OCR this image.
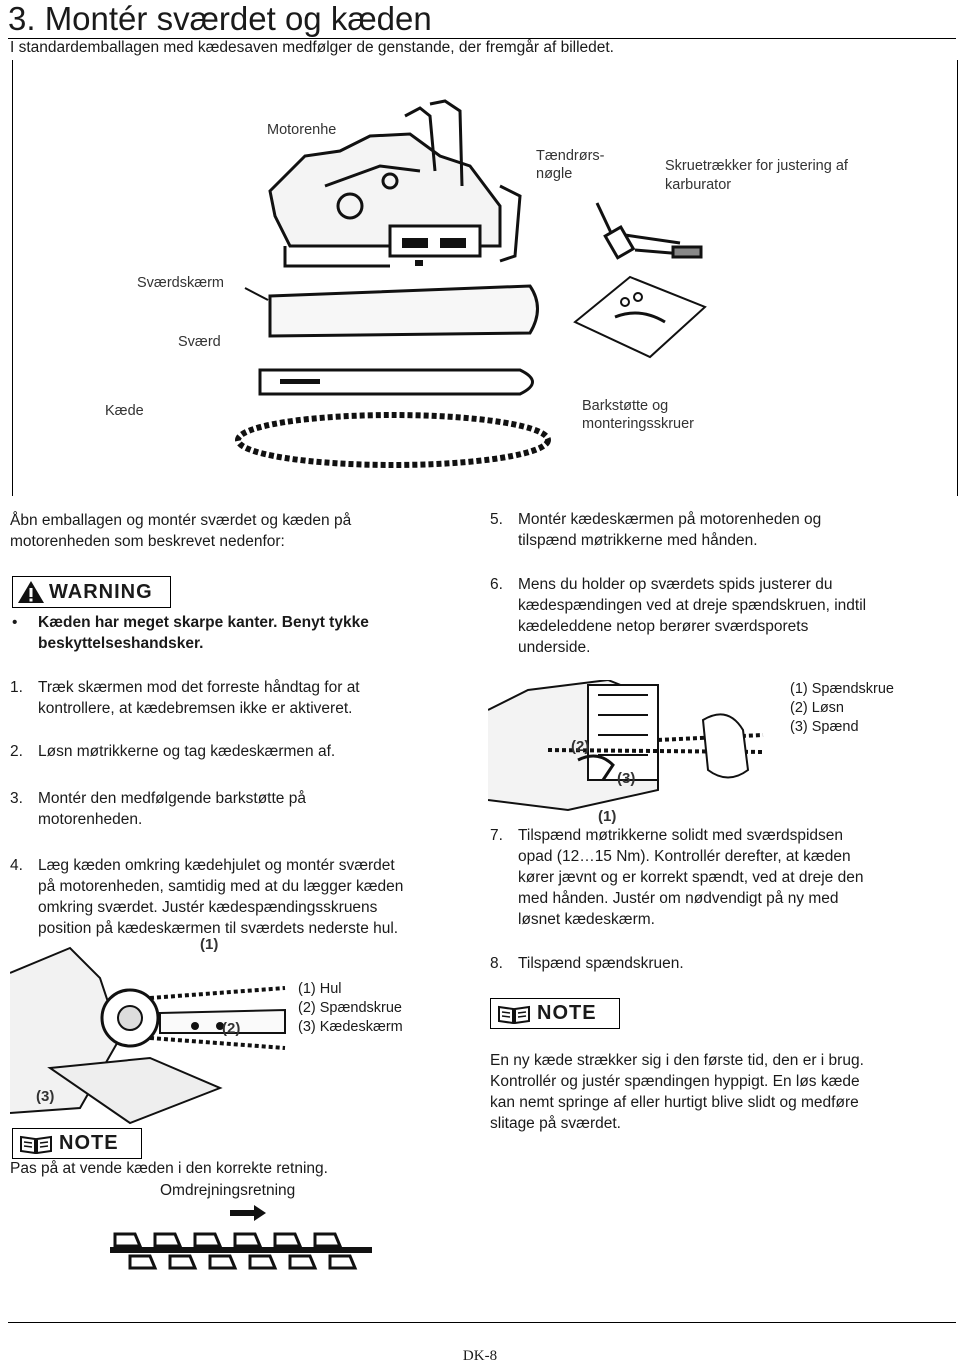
3. Montér sværdet og kæden
I standardemballagen med kædesaven medfølger de genstande, der fremgår af billedet.
Motorenhe
Tændrørs-
nøgle	Skruetrækker for justering af
karburator
Sværdskærm
Sværd
Kæde	Barkstøtte og
monteringsskruer
Åbn emballagen og montér sværdet og kæden på
motorenheden som beskrevet nedenfor:
WARNING
• Kæden har meget skarpe kanter. Benyt tykke
beskyttelseshandsker.
1. Træk skærmen mod det forreste håndtag for at
kontrollere, at kædebremsen ikke er aktiveret.
2. Løsn møtrikkerne og tag kædeskærmen af.
3. Montér den medfølgende barkstøtte på
motorenheden.
4. Læg kæden omkring kædehjulet og montér sværdet
på motorenheden, samtidig med at du lægger kæden
omkring sværdet. Justér kædespændingsskruens
position på kædeskærmen til sværdets nederste hul.
(1)
(2)
(3)
(1) Hul
(2) Spændskrue
(3) Kædeskærm
NOTE
Pas på at vende kæden i den korrekte retning.
Omdrejningsretning
5. Montér kædeskærmen på motorenheden og
tilspænd møtrikkerne med hånden.
6. Mens du holder op sværdets spids justerer du
kædespændingen ved at dreje spændskruen, indtil
kædeleddene netop berører sværdsporets
underside.
(2)
(3)
(1)
(1) Spændskrue
(2) Løsn
(3) Spænd
7. Tilspænd møtrikkerne solidt med sværdspidsen
opad (12…15 Nm). Kontrollér derefter, at kæden
kører jævnt og er korrekt spændt, ved at dreje den
med hånden. Justér om nødvendigt på ny med
løsnet kædeskærm.
8. Tilspænd spændskruen.
NOTE
En ny kæde strækker sig i den første tid, den er i brug.
Kontrollér og justér spændingen hyppigt. En løs kæde
kan nemt springe af eller hurtigt blive slidt og medføre
slitage på sværdet.
DK-8
